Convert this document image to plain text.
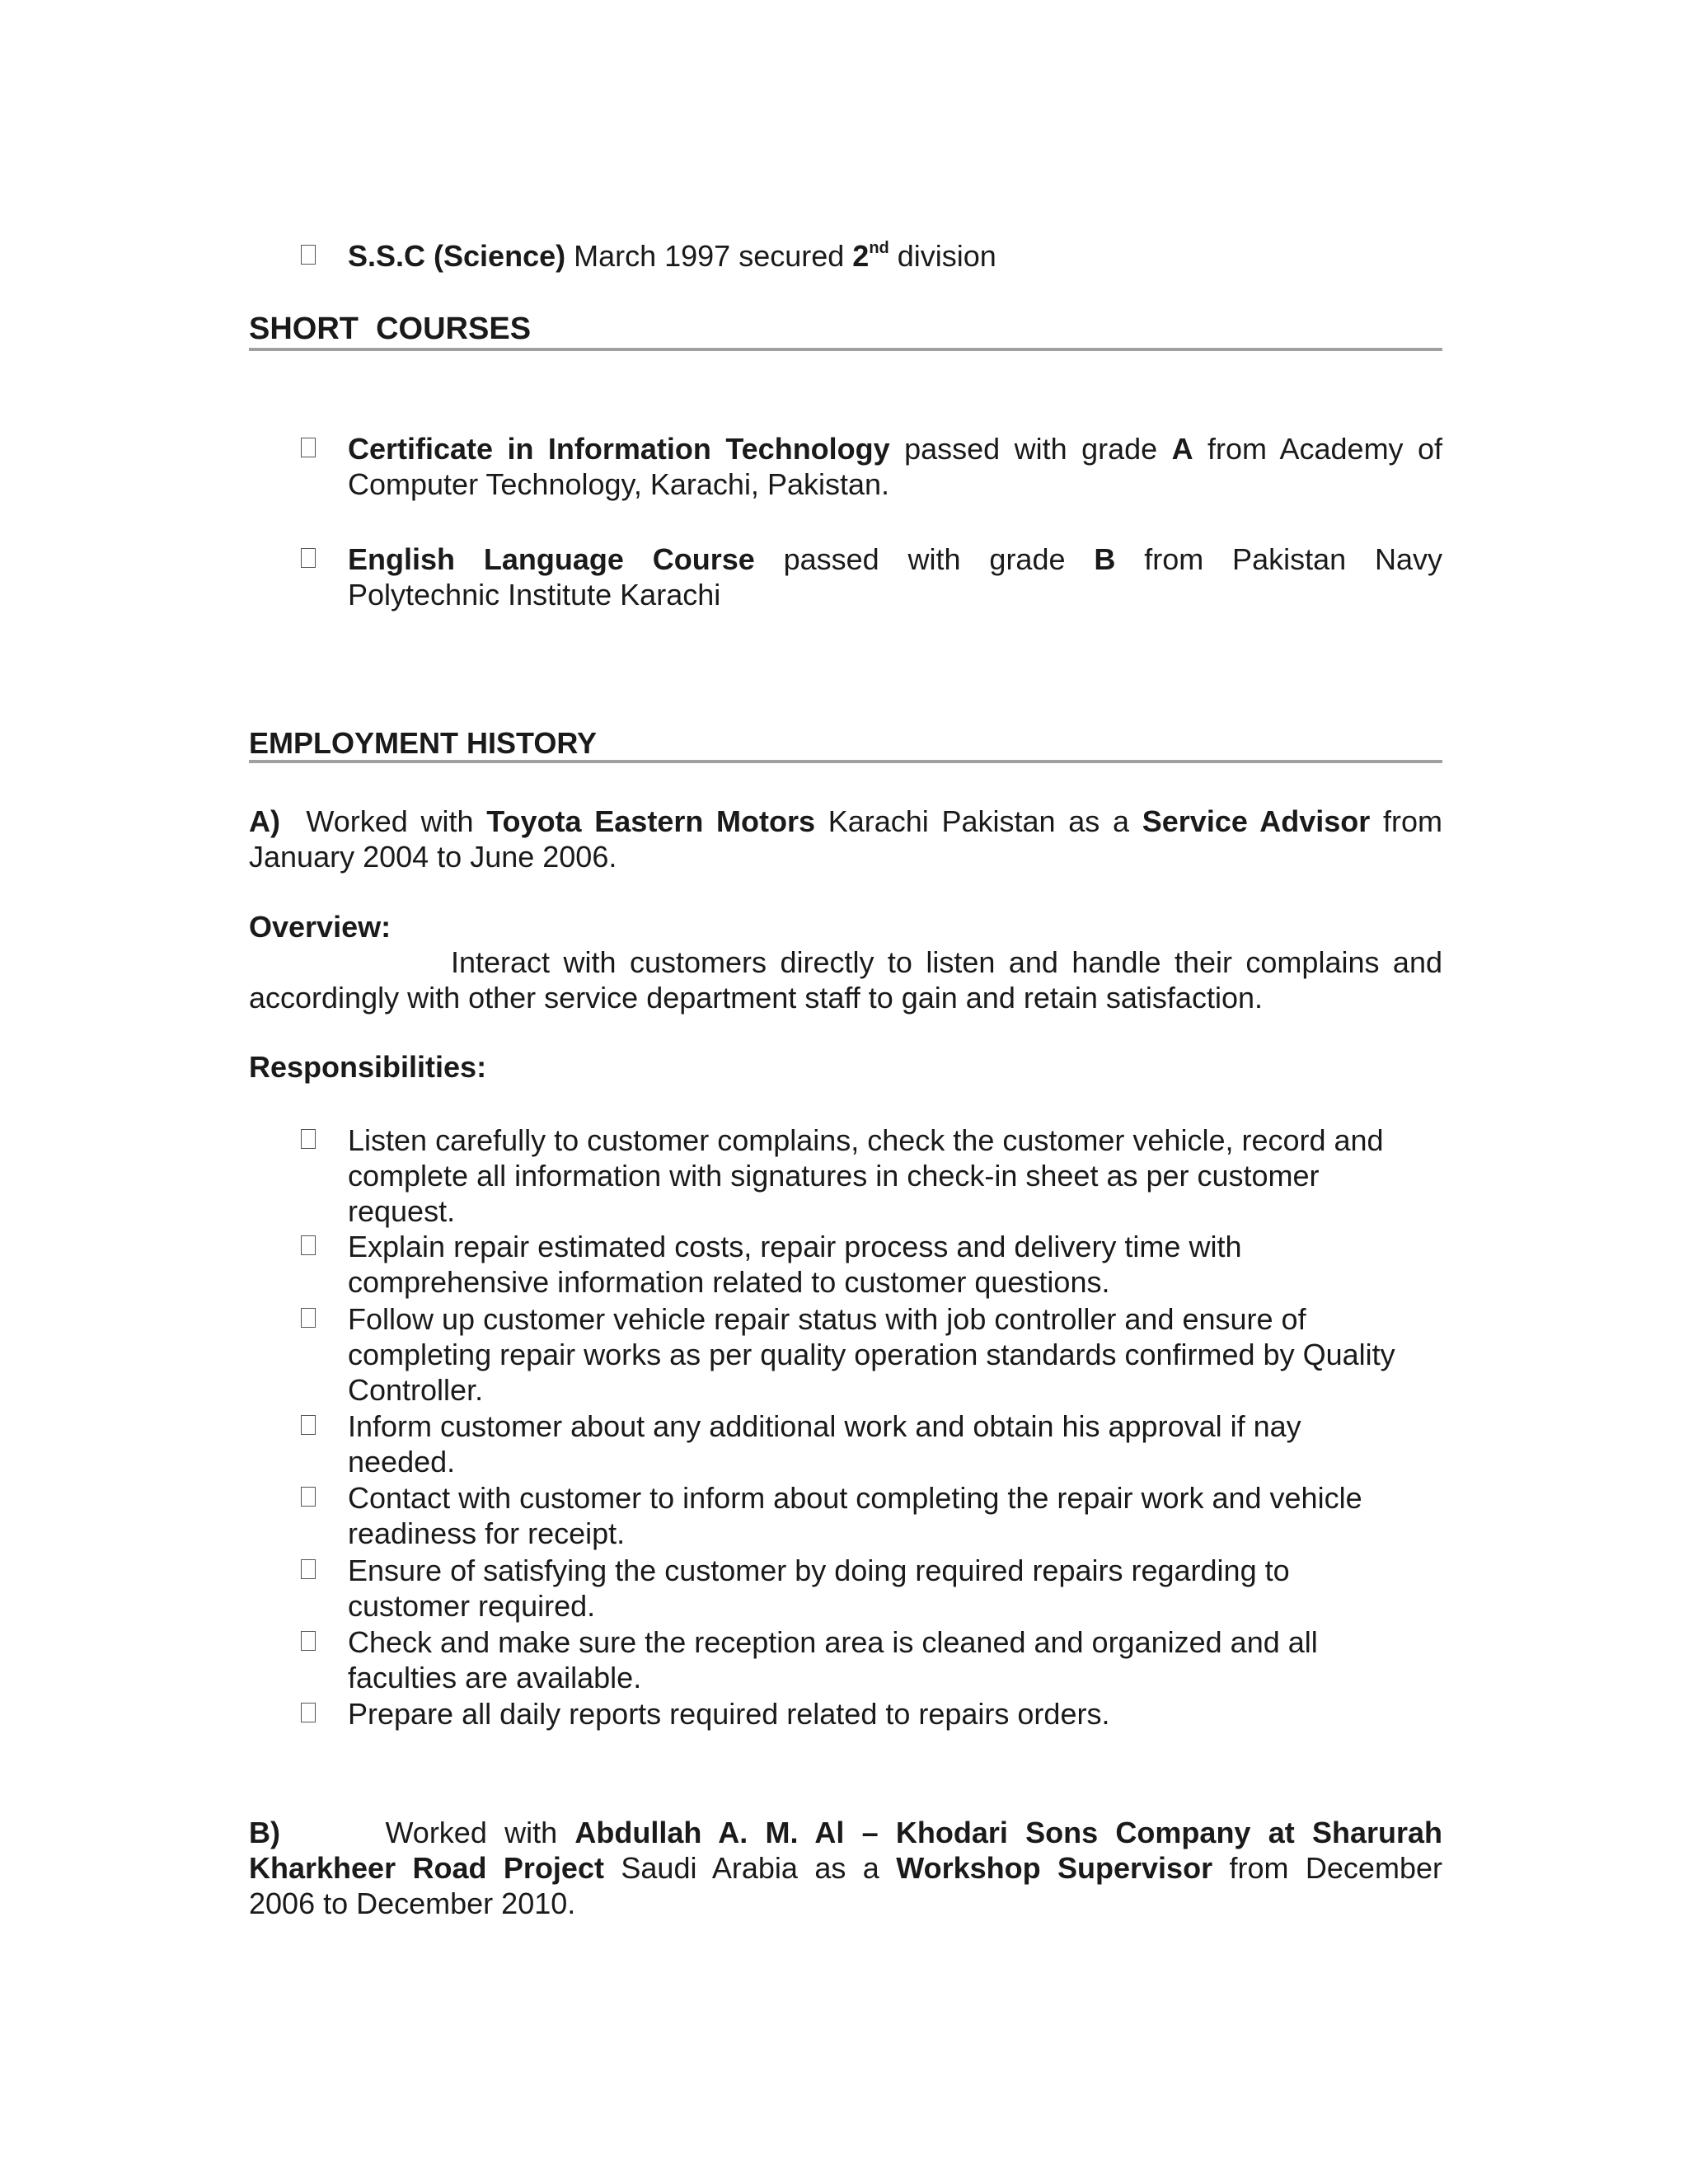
S.S.C (Science) March 1997 secured 2nd division
SHORT  COURSES
Certificate in Information Technology passed with grade A from Academy of
Computer Technology, Karachi, Pakistan.
English Language Course passed with grade B from Pakistan Navy
Polytechnic Institute Karachi
EMPLOYMENT HISTORY
A)  Worked with Toyota Eastern Motors Karachi Pakistan as a Service Advisor from
January 2004 to June 2006.
Overview:
Interact with customers directly to listen and handle their complains and
accordingly with other service department staff to gain and retain satisfaction.
Responsibilities:
Listen carefully to customer complains, check the customer vehicle, record and
complete all information with signatures in check-in sheet as per customer
request.
Explain repair estimated costs, repair process and delivery time with
comprehensive information related to customer questions.
Follow up customer vehicle repair status with job controller and ensure of
completing repair works as per quality operation standards confirmed by Quality
Controller.
Inform customer about any additional work and obtain his approval if nay
needed.
Contact with customer to inform about completing the repair work and vehicle
readiness for receipt.
Ensure of satisfying the customer by doing required repairs regarding to
customer required.
Check and make sure the reception area is cleaned and organized and all
faculties are available.
Prepare all daily reports required related to repairs orders.
B)      Worked with Abdullah A. M. Al – Khodari Sons Company at Sharurah
Kharkheer Road Project Saudi Arabia as a Workshop Supervisor from December
2006 to December 2010.
